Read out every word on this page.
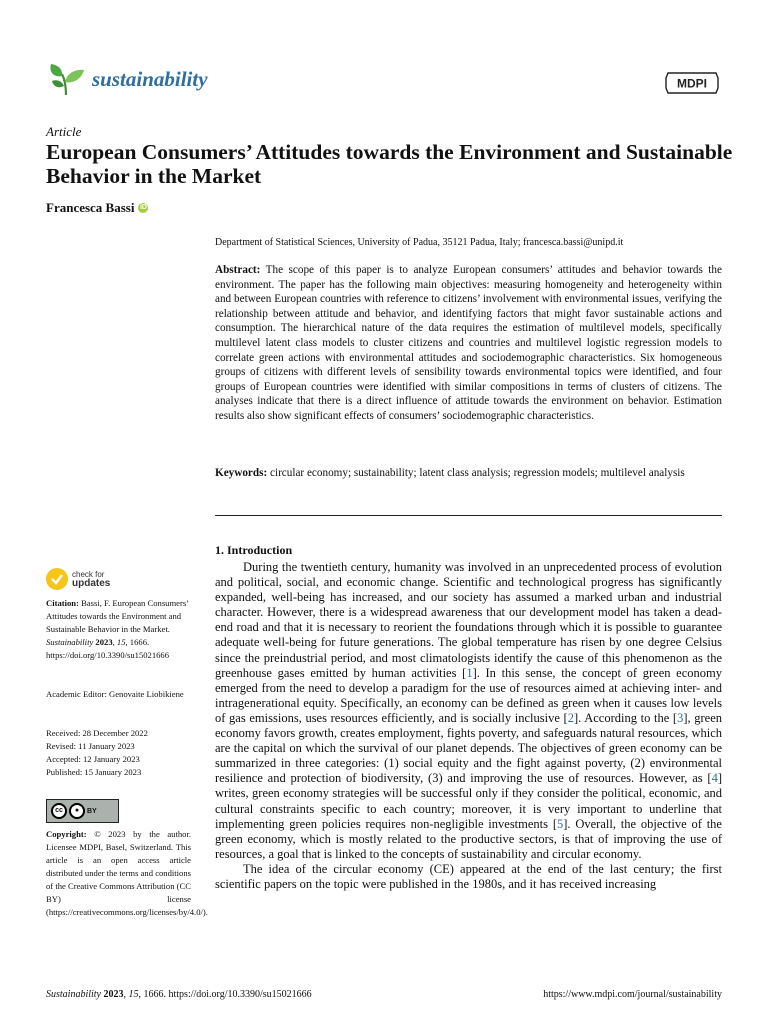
sustainability	MDPI
Article
European Consumers’ Attitudes towards the Environment and Sustainable Behavior in the Market
Francesca Bassi iD
Department of Statistical Sciences, University of Padua, 35121 Padua, Italy; francesca.bassi@unipd.it
Abstract: The scope of this paper is to analyze European consumers’ attitudes and behavior towards the environment. The paper has the following main objectives: measuring homogeneity and heterogeneity within and between European countries with reference to citizens’ involvement with environmental issues, verifying the relationship between attitude and behavior, and identifying factors that might favor sustainable actions and consumption. The hierarchical nature of the data requires the estimation of multilevel models, specifically multilevel latent class models to cluster citizens and countries and multilevel logistic regression models to correlate green actions with environmental attitudes and sociodemographic characteristics. Six homogeneous groups of citizens with different levels of sensibility towards environmental topics were identified, and four groups of European countries were identified with similar compositions in terms of clusters of citizens. The analyses indicate that there is a direct influence of attitude towards the environment on behavior. Estimation results also show significant effects of consumers’ sociodemographic characteristics.
Keywords: circular economy; sustainability; latent class analysis; regression models; multilevel analysis
1. Introduction

During the twentieth century, humanity was involved in an unprecedented process of evolution and political, social, and economic change. Scientific and technological progress has significantly expanded, well-being has increased, and our society has assumed a marked urban and industrial character. However, there is a widespread awareness that our development model has taken a dead-end road and that it is necessary to reorient the foundations through which it is possible to guarantee adequate well-being for future generations. The global temperature has risen by one degree Celsius since the preindustrial period, and most climatologists identify the cause of this phenomenon as the greenhouse gases emitted by human activities [1]. In this sense, the concept of green economy emerged from the need to develop a paradigm for the use of resources aimed at achieving inter- and intragenerational equity. Specifically, an economy can be defined as green when it causes low levels of gas emissions, uses resources efficiently, and is socially inclusive [2]. According to the [3], green economy favors growth, creates employment, fights poverty, and safeguards natural resources, which are the capital on which the survival of our planet depends. The objectives of green economy can be summarized in three categories: (1) social equity and the fight against poverty, (2) environmental resilience and protection of biodiversity, (3) and improving the use of resources. However, as [4] writes, green economy strategies will be successful only if they consider the political, economic, and cultural constraints specific to each country; moreover, it is very important to underline that implementing green policies requires non-negligible investments [5]. Overall, the objective of the green economy, which is mostly related to the productive sectors, is that of improving the use of resources, a goal that is linked to the concepts of sustainability and circular economy.

The idea of the circular economy (CE) appeared at the end of the last century; the first scientific papers on the topic were published in the 1980s, and it has received increasing

check for
updates
Citation: Bassi, F. European Consumers’ Attitudes towards the Environment and Sustainable Behavior in the Market. Sustainability 2023, 15, 1666. https://doi.org/10.3390/su15021666
Academic Editor: Genovaite Liobikiene
Received: 28 December 2022
Revised: 11 January 2023
Accepted: 12 January 2023
Published: 15 January 2023
cc	●	BY
Copyright: © 2023 by the author. Licensee MDPI, Basel, Switzerland. This article is an open access article distributed under the terms and conditions of the Creative Commons Attribution (CC BY) license (https://creativecommons.org/licenses/by/4.0/).
Sustainability 2023, 15, 1666. https://doi.org/10.3390/su15021666	https://www.mdpi.com/journal/sustainability
